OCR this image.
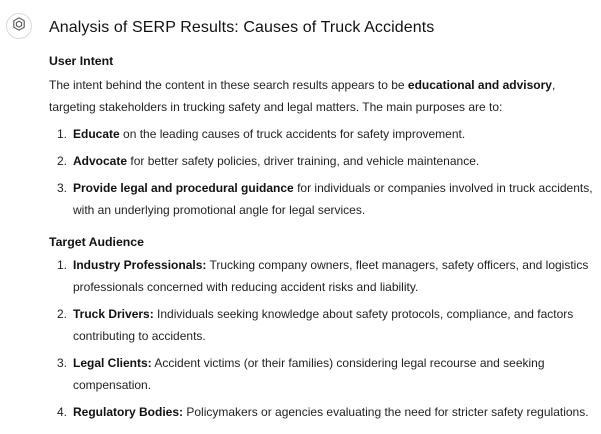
Analysis of SERP Results: Causes of Truck Accidents
User Intent

The intent behind the content in these search results appears to be educational and advisory, targeting stakeholders in trucking safety and legal matters. The main purposes are to:

1. Educate on the leading causes of truck accidents for safety improvement.
2. Advocate for better safety policies, driver training, and vehicle maintenance.
3. Provide legal and procedural guidance for individuals or companies involved in truck accidents, with an underlying promotional angle for legal services.
Target Audience
1. Industry Professionals: Trucking company owners, fleet managers, safety officers, and logistics professionals concerned with reducing accident risks and liability.
2. Truck Drivers: Individuals seeking knowledge about safety protocols, compliance, and factors contributing to accidents.
3. Legal Clients: Accident victims (or their families) considering legal recourse and seeking compensation.
4. Regulatory Bodies: Policymakers or agencies evaluating the need for stricter safety regulations.
